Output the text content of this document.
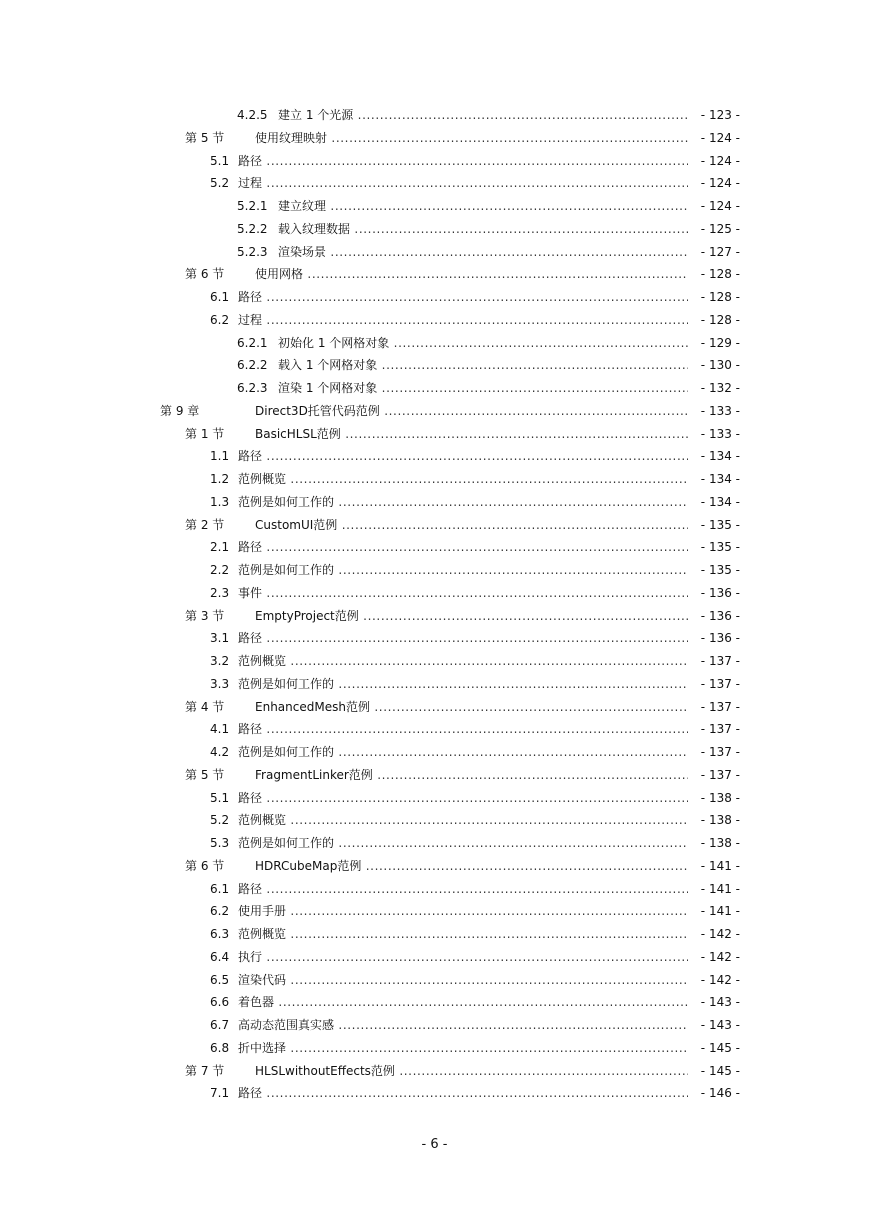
4.2.5 建立 1 个光源 .....	- 123 -
第 5 节	使用纹理映射 .....	- 124 -
5.1 路径 .....	- 124 -
5.2 过程 .....	- 124 -
5.2.1 建立纹理 .....	- 124 -
5.2.2 载入纹理数据 .....	- 125 -
5.2.3 渲染场景 .....	- 127 -
第 6 节	使用网格 .....	- 128 -
6.1 路径 .....	- 128 -
6.2 过程 .....	- 128 -
6.2.1 初始化 1 个网格对象 .....	- 129 -
6.2.2 载入 1 个网格对象 .....	- 130 -
6.2.3 渲染 1 个网格对象 .....	- 132 -
第 9 章	Direct3D托管代码范例 .....	- 133 -
第 1 节	BasicHLSL范例 .....	- 133 -
1.1 路径 .....	- 134 -
1.2 范例概览 .....	- 134 -
1.3 范例是如何工作的 .....	- 134 -
第 2 节	CustomUI范例 .....	- 135 -
2.1 路径 .....	- 135 -
2.2 范例是如何工作的 .....	- 135 -
2.3 事件 .....	- 136 -
第 3 节	EmptyProject范例 .....	- 136 -
3.1 路径 .....	- 136 -
3.2 范例概览 .....	- 137 -
3.3 范例是如何工作的 .....	- 137 -
第 4 节	EnhancedMesh范例 .....	- 137 -
4.1 路径 .....	- 137 -
4.2 范例是如何工作的 .....	- 137 -
第 5 节	FragmentLinker范例 .....	- 137 -
5.1 路径 .....	- 138 -
5.2 范例概览 .....	- 138 -
5.3 范例是如何工作的 .....	- 138 -
第 6 节	HDRCubeMap范例 .....	- 141 -
6.1 路径 .....	- 141 -
6.2 使用手册 .....	- 141 -
6.3 范例概览 .....	- 142 -
6.4 执行 .....	- 142 -
6.5 渲染代码 .....	- 142 -
6.6 着色器 .....	- 143 -
6.7 高动态范围真实感 .....	- 143 -
6.8 折中选择 .....	- 145 -
第 7 节	HLSLwithoutEffects范例 .....	- 145 -
7.1 路径 .....	- 146 -
- 6 -
